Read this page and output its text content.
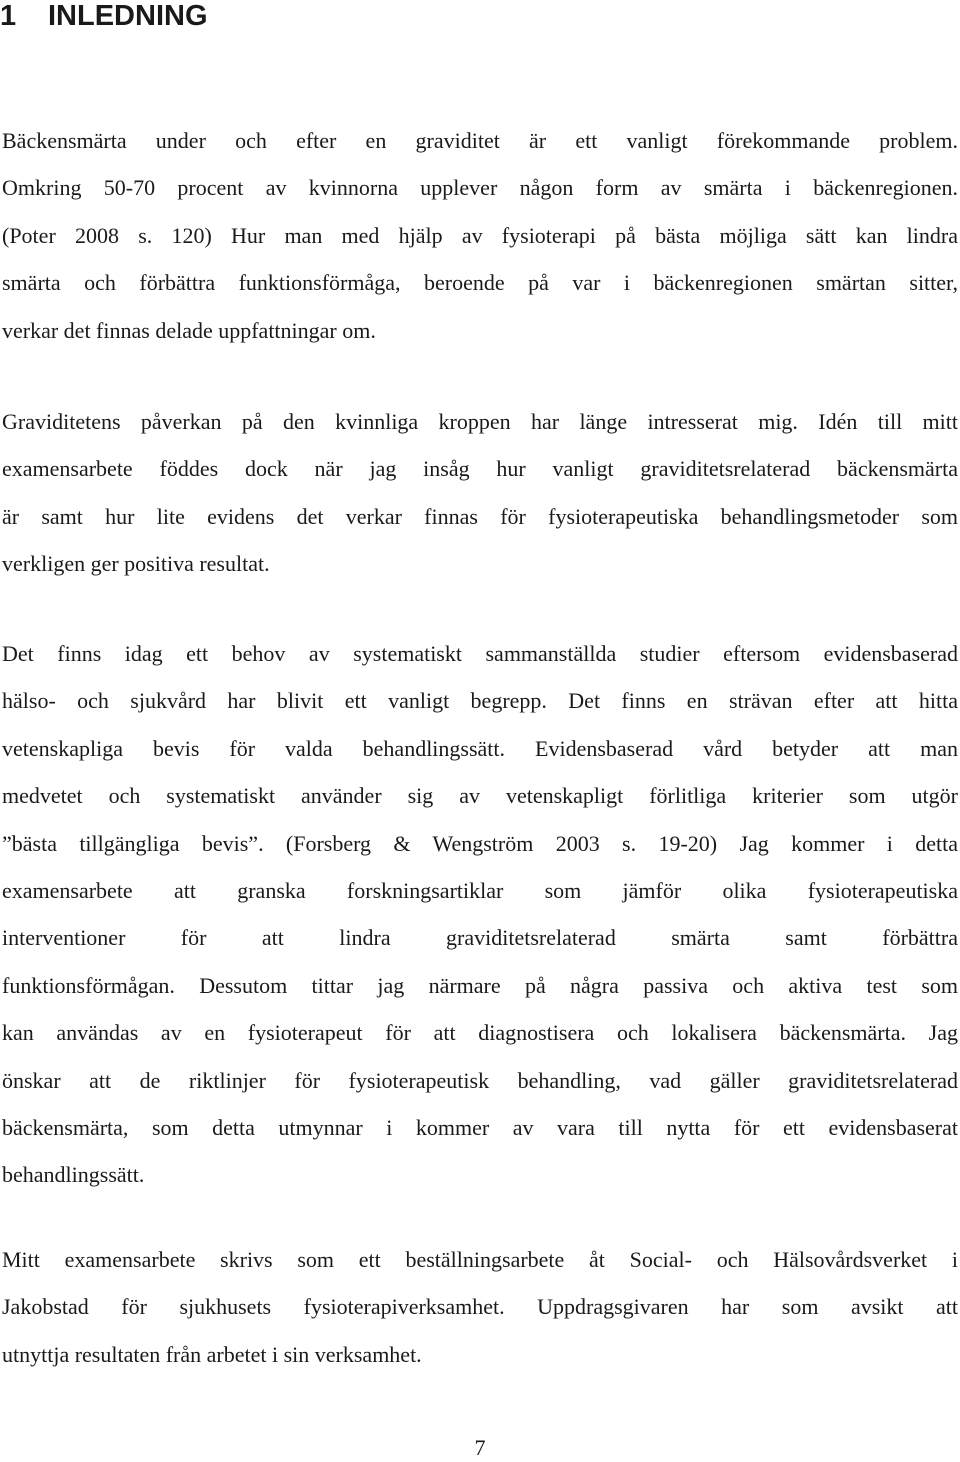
1 INLEDNING

Bäckensmärta under och efter en graviditet är ett vanligt förekommande problem.
Omkring 50-70 procent av kvinnorna upplever någon form av smärta i bäckenregionen.
(Poter 2008 s. 120) Hur man med hjälp av fysioterapi på bästa möjliga sätt kan lindra
smärta och förbättra funktionsförmåga, beroende på var i bäckenregionen smärtan sitter,
verkar det finnas delade uppfattningar om.

Graviditetens påverkan på den kvinnliga kroppen har länge intresserat mig. Idén till mitt
examensarbete föddes dock när jag insåg hur vanligt graviditetsrelaterad bäckensmärta
är samt hur lite evidens det verkar finnas för fysioterapeutiska behandlingsmetoder som
verkligen ger positiva resultat.

Det finns idag ett behov av systematiskt sammanställda studier eftersom evidensbaserad
hälso- och sjukvård har blivit ett vanligt begrepp. Det finns en strävan efter att hitta
vetenskapliga bevis för valda behandlingssätt. Evidensbaserad vård betyder att man
medvetet och systematiskt använder sig av vetenskapligt förlitliga kriterier som utgör
”bästa tillgängliga bevis”. (Forsberg & Wengström 2003 s. 19-20) Jag kommer i detta
examensarbete att granska forskningsartiklar som jämför olika fysioterapeutiska
interventioner för att lindra graviditetsrelaterad smärta samt förbättra
funktionsförmågan. Dessutom tittar jag närmare på några passiva och aktiva test som
kan användas av en fysioterapeut för att diagnostisera och lokalisera bäckensmärta. Jag
önskar att de riktlinjer för fysioterapeutisk behandling, vad gäller graviditetsrelaterad
bäckensmärta, som detta utmynnar i kommer av vara till nytta för ett evidensbaserat
behandlingssätt.

Mitt examensarbete skrivs som ett beställningsarbete åt Social- och Hälsovårdsverket i
Jakobstad för sjukhusets fysioterapiverksamhet. Uppdragsgivaren har som avsikt att
utnyttja resultaten från arbetet i sin verksamhet.

7
